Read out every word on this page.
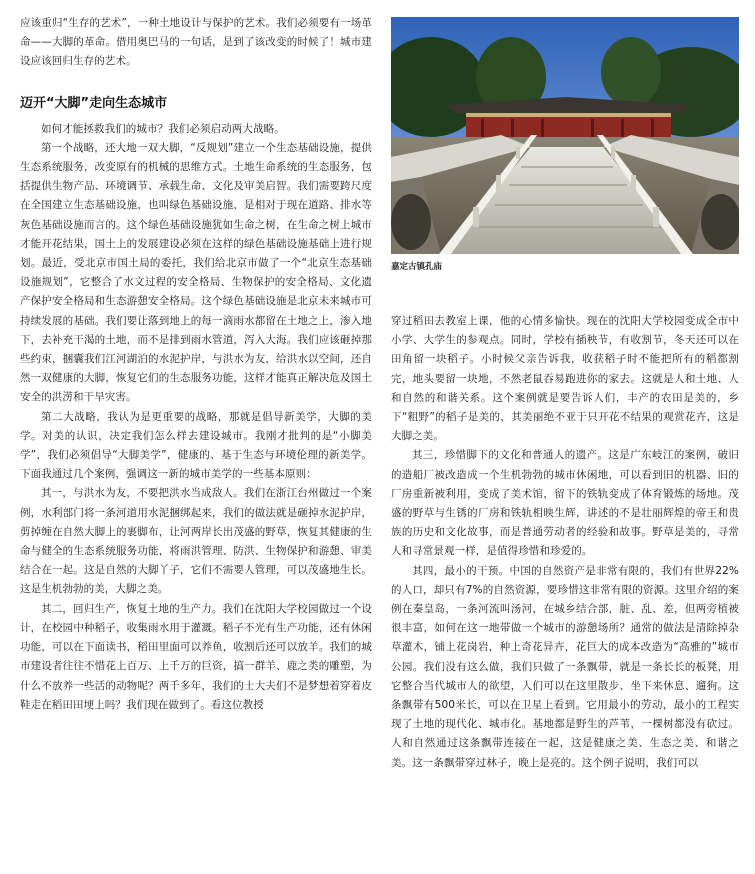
应该重归“生存的艺术”，一种土地设计与保护的艺术。我们必须要有一场革命——大脚的革命。借用奥巴马的一句话，是到了该改变的时候了！城市建设应该回归生存的艺术。

迈开“大脚”走向生态城市

如何才能拯救我们的城市？我们必须启动两大战略。

第一个战略，还大地一双大脚，“反规划”建立一个生态基础设施，提供生态系统服务，改变原有的机械的思维方式。土地生命系统的生态服务，包括提供生物产品、环境调节、承载生命、文化及审美启智。我们需要跨尺度在全国建立生态基础设施，也叫绿色基础设施，是相对于现在道路、排水等灰色基础设施而言的。这个绿色基础设施犹如生命之树，在生命之树上城市才能开花结果，国土上的发展建设必须在这样的绿色基础设施基础上进行规划。最近，受北京市国土局的委托，我们给北京市做了一个“北京生态基础设施规划”，它整合了水文过程的安全格局、生物保护的安全格局、文化遗产保护安全格局和生态游憩安全格局。这个绿色基础设施是北京未来城市可持续发展的基础。我们要让落到地上的每一滴雨水都留在土地之上，渗入地下，去补充干渴的土地，而不是排到雨水管道，泻入大海。我们应该砸掉那些约束，捆囊我们江河湖泊的水泥护岸，与洪水为友，给洪水以空间，还自然一双健康的大脚，恢复它们的生态服务功能，这样才能真正解决危及国土安全的洪涝和干旱灾害。

第二大战略，我认为是更重要的战略，那就是倡导新美学，大脚的美学。对美的认识，决定我们怎么样去建设城市。我刚才批判的是“小脚美学”，我们必须倡导“大脚美学”，健康的、基于生态与环境伦理的新美学。下面我通过几个案例，强调这一新的城市美学的一些基本原则：

其一，与洪水为友，不要把洪水当成敌人。我们在浙江台州做过一个案例，水利部门将一条河道用水泥捆绑起来，我们的做法就是砸掉水泥护岸，剪掉缠在自然大脚上的裹脚布，让河两岸长出茂盛的野草，恢复其健康的生命与健全的生态系统服务功能，将雨洪管理、防洪、生物保护和游憩、审美结合在一起。这是自然的大脚丫子，它们不需要人管理，可以茂盛地生长。这是生机勃勃的美，大脚之美。

其二，回归生产，恢复土地的生产力。我们在沈阳大学校园做过一个设计，在校园中种稻子，收集雨水用于灌溉。稻子不光有生产功能，还有休闲功能，可以在下面读书，稻田里面可以养鱼，收割后还可以放羊。我们的城市建设者往往不惜花上百万、上千万的巨资，搞一群羊、鹿之类的雕塑，为什么不放养一些活的动物呢？两千多年，我们的士大夫们不是梦想着穿着皮鞋走在稻田田埂上吗？我们现在做到了。看这位教授

嘉定古镇孔庙

穿过稻田去教室上课，他的心情多愉快。现在的沈阳大学校园变成全市中小学、大学生的参观点。同时，学校有插秧节，有收割节，冬天还可以在田角留一块稻子。小时候父亲告诉我，收获稻子时不能把所有的稻都割完，地头要留一块地，不然老鼠吞易跑进你的家去。这就是人和土地、人和自然的和谐关系。这个案例就是要告诉人们，丰产的农田是美的，乡下“粗野”的稻子是美的，其美丽绝不亚于只开花不结果的观赏花卉，这是大脚之美。

其三，珍惜脚下的文化和普通人的遗产。这是广东岐江的案例，破旧的造船厂被改造成一个生机勃勃的城市休闲地，可以看到旧的机器、旧的厂房重新被利用，变成了美术馆，留下的铁轨变成了体育锻炼的场地。茂盛的野草与生锈的厂房和铁轨相映生辉，讲述的不是壮丽辉煌的帝王和贵族的历史和文化故事，而是普通劳动者的经验和故事。野草是美的，寻常人和寻常景观一样，是值得珍惜和珍爱的。

其四，最小的干预。中国的自然资产是非常有限的，我们有世界22%的人口，却只有7%的自然资源，要珍惜这非常有限的资源。这里介绍的案例在秦皇岛，一条河流叫汤河，在城乡结合部，脏、乱、差，但两旁植被很丰富，如何在这一地带做一个城市的游憩场所？通常的做法是清除掉杂草灌木，铺上花岗岩，种上奇花异卉，花巨大的成本改造为“高雅的”城市公园。我们没有这么做，我们只做了一条飘带，就是一条长长的板凳，用它整合当代城市人的欲望，人们可以在这里散步、坐下来休息、遛狗。这条飘带有500米长，可以在卫星上看到。它用最小的劳动，最小的工程实现了土地的现代化、城市化。基地都是野生的芦苇，一棵树都没有砍过。人和自然通过这条飘带连接在一起，这是健康之美、生态之美、和谐之美。这一条飘带穿过林子，晚上是亮的。这个例子说明，我们可以
